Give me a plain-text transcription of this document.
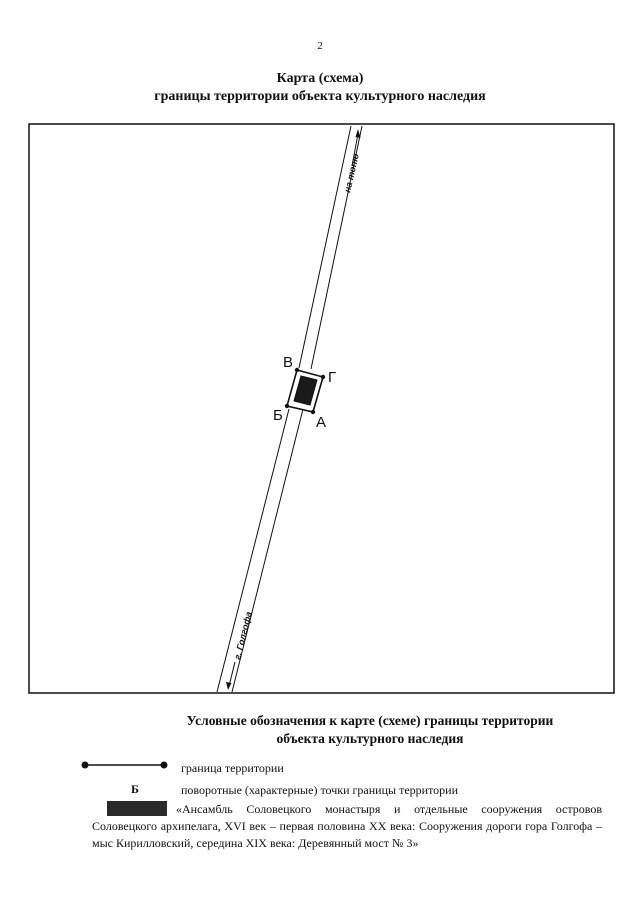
2
Карта (схема)
границы территории объекта культурного наследия
на тоню
г. Голгофа
В
Г
Б А
Условные обозначения к карте (схеме) границы территории
объекта культурного наследия
граница территории
Б	поворотные (характерные) точки границы территории
«Ансамбль Соловецкого монастыря и отдельные сооружения островов Соловецкого архипелага, XVI век – первая половина XX века: Сооружения дороги гора Голгофа – мыс Кирилловский, середина XIX века: Деревянный мост № 3»
